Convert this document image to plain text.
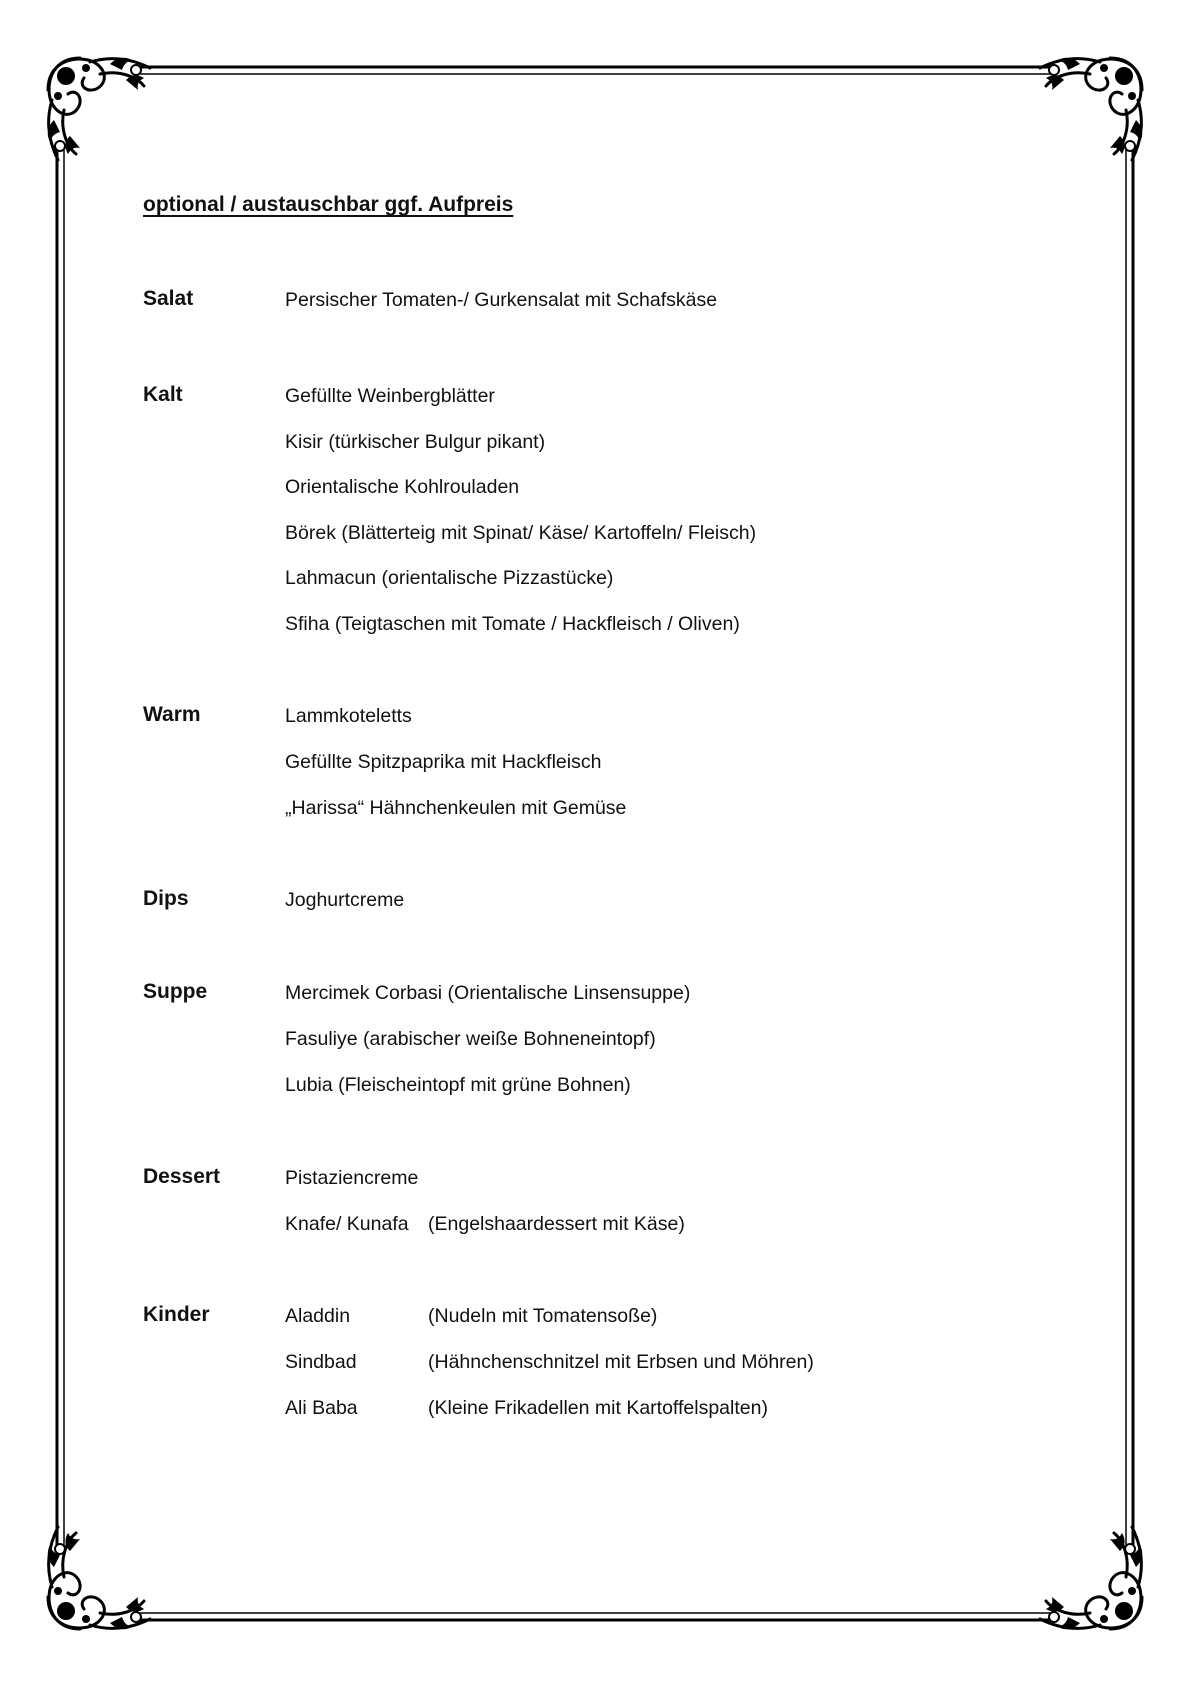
optional / austauschbar ggf. Aufpreis
Salat	Persischer Tomaten-/ Gurkensalat mit Schafskäse
Kalt	Gefüllte Weinbergblätter
Kisir (türkischer Bulgur pikant)
Orientalische Kohlrouladen
Börek (Blätterteig mit Spinat/ Käse/ Kartoffeln/ Fleisch)
Lahmacun (orientalische Pizzastücke)
Sfiha (Teigtaschen mit Tomate / Hackfleisch / Oliven)
Warm	Lammkoteletts
Gefüllte Spitzpaprika mit Hackfleisch
„Harissa“ Hähnchenkeulen mit Gemüse
Dips	Joghurtcreme
Suppe	Mercimek Corbasi (Orientalische Linsensuppe)
Fasuliye (arabischer weiße Bohneneintopf)
Lubia (Fleischeintopf mit grüne Bohnen)
Dessert	Pistaziencreme
Knafe/ Kunafa (Engelshaardessert mit Käse)
Kinder	Aladdin	(Nudeln mit Tomatensoße)
Sindbad	(Hähnchenschnitzel mit Erbsen und Möhren)
Ali Baba	(Kleine Frikadellen mit Kartoffelspalten)
